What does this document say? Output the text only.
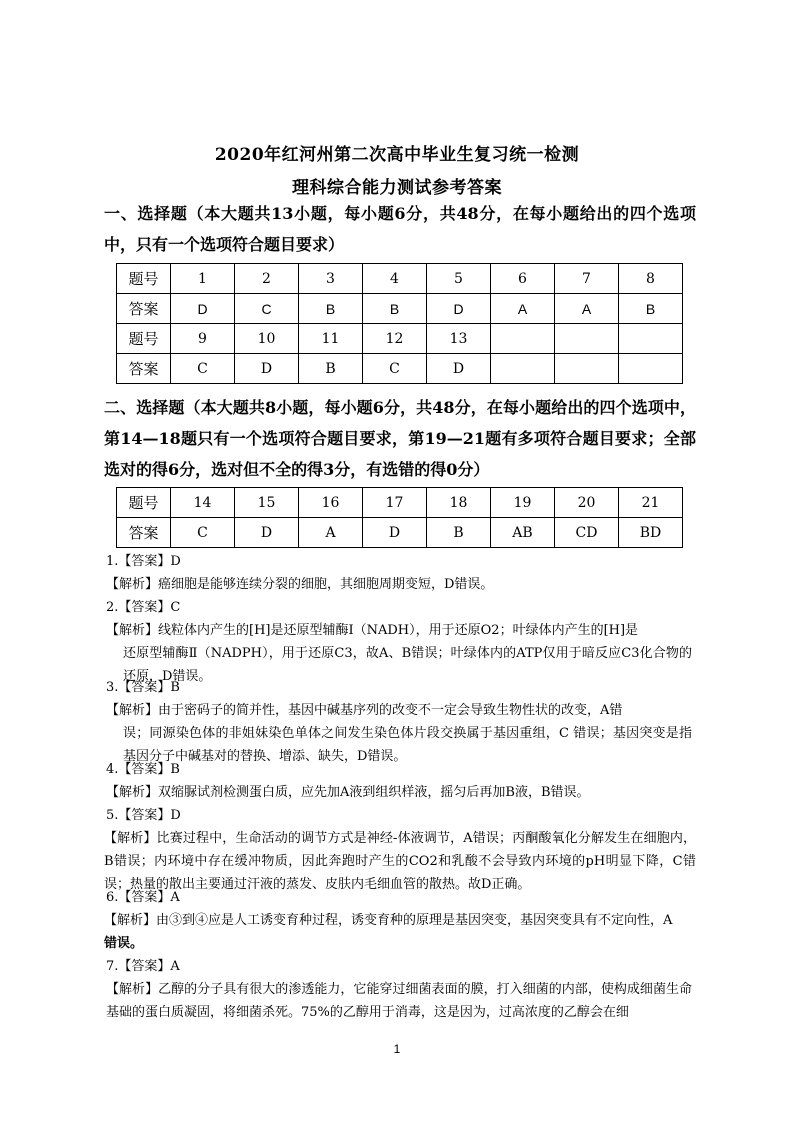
2020年红河州第二次高中毕业生复习统一检测
理科综合能力测试参考答案
一、选择题（本大题共13小题，每小题6分，共48分，在每小题给出的四个选项中，只有一个选项符合题目要求）
题号	1	2	3	4	5	6	7	8
答案	D	C	B	B	D	A	A	B
题号	9	10	11	12	13			
答案	C	D	B	C	D			
二、选择题（本大题共8小题，每小题6分，共48分，在每小题给出的四个选项中，第14—18题只有一个选项符合题目要求，第19—21题有多项符合题目要求；全部选对的得6分，选对但不全的得3分，有选错的得0分）
题号	14	15	16	17	18	19	20	21
答案	C	D	A	D	B	AB	CD	BD
1.【答案】D
【解析】癌细胞是能够连续分裂的细胞，其细胞周期变短，D错误。
2.【答案】C
【解析】线粒体内产生的[H]是还原型辅酶Ⅰ（NADH），用于还原O2；叶绿体内产生的[H]是
还原型辅酶Ⅱ（NADPH），用于还原C3，故A、B错误；叶绿体内的ATP仅用于暗反应C3化合物的还原，D错误。
3.【答案】B
【解析】由于密码子的简并性，基因中碱基序列的改变不一定会导致生物性状的改变，A错
误；同源染色体的非姐妹染色单体之间发生染色体片段交换属于基因重组，C 错误；基因突变是指基因分子中碱基对的替换、增添、缺失，D错误。
4.【答案】B
【解析】双缩脲试剂检测蛋白质，应先加A液到组织样液，摇匀后再加B液，B错误。
5.【答案】D
【解析】比赛过程中，生命活动的调节方式是神经-体液调节，A错误；丙酮酸氧化分解发生在细胞内，B错误；内环境中存在缓冲物质，因此奔跑时产生的CO2和乳酸不会导致内环境的pH明显下降，C错误；热量的散出主要通过汗液的蒸发、皮肤内毛细血管的散热。故D正确。
6.【答案】A
【解析】由③到④应是人工诱变育种过程，诱变育种的原理是基因突变，基因突变具有不定向性，A
错误。
7.【答案】A
【解析】乙醇的分子具有很大的渗透能力，它能穿过细菌表面的膜，打入细菌的内部，使构成细菌生命基础的蛋白质凝固，将细菌杀死。75%的乙醇用于消毒，这是因为，过高浓度的乙醇会在细
1
